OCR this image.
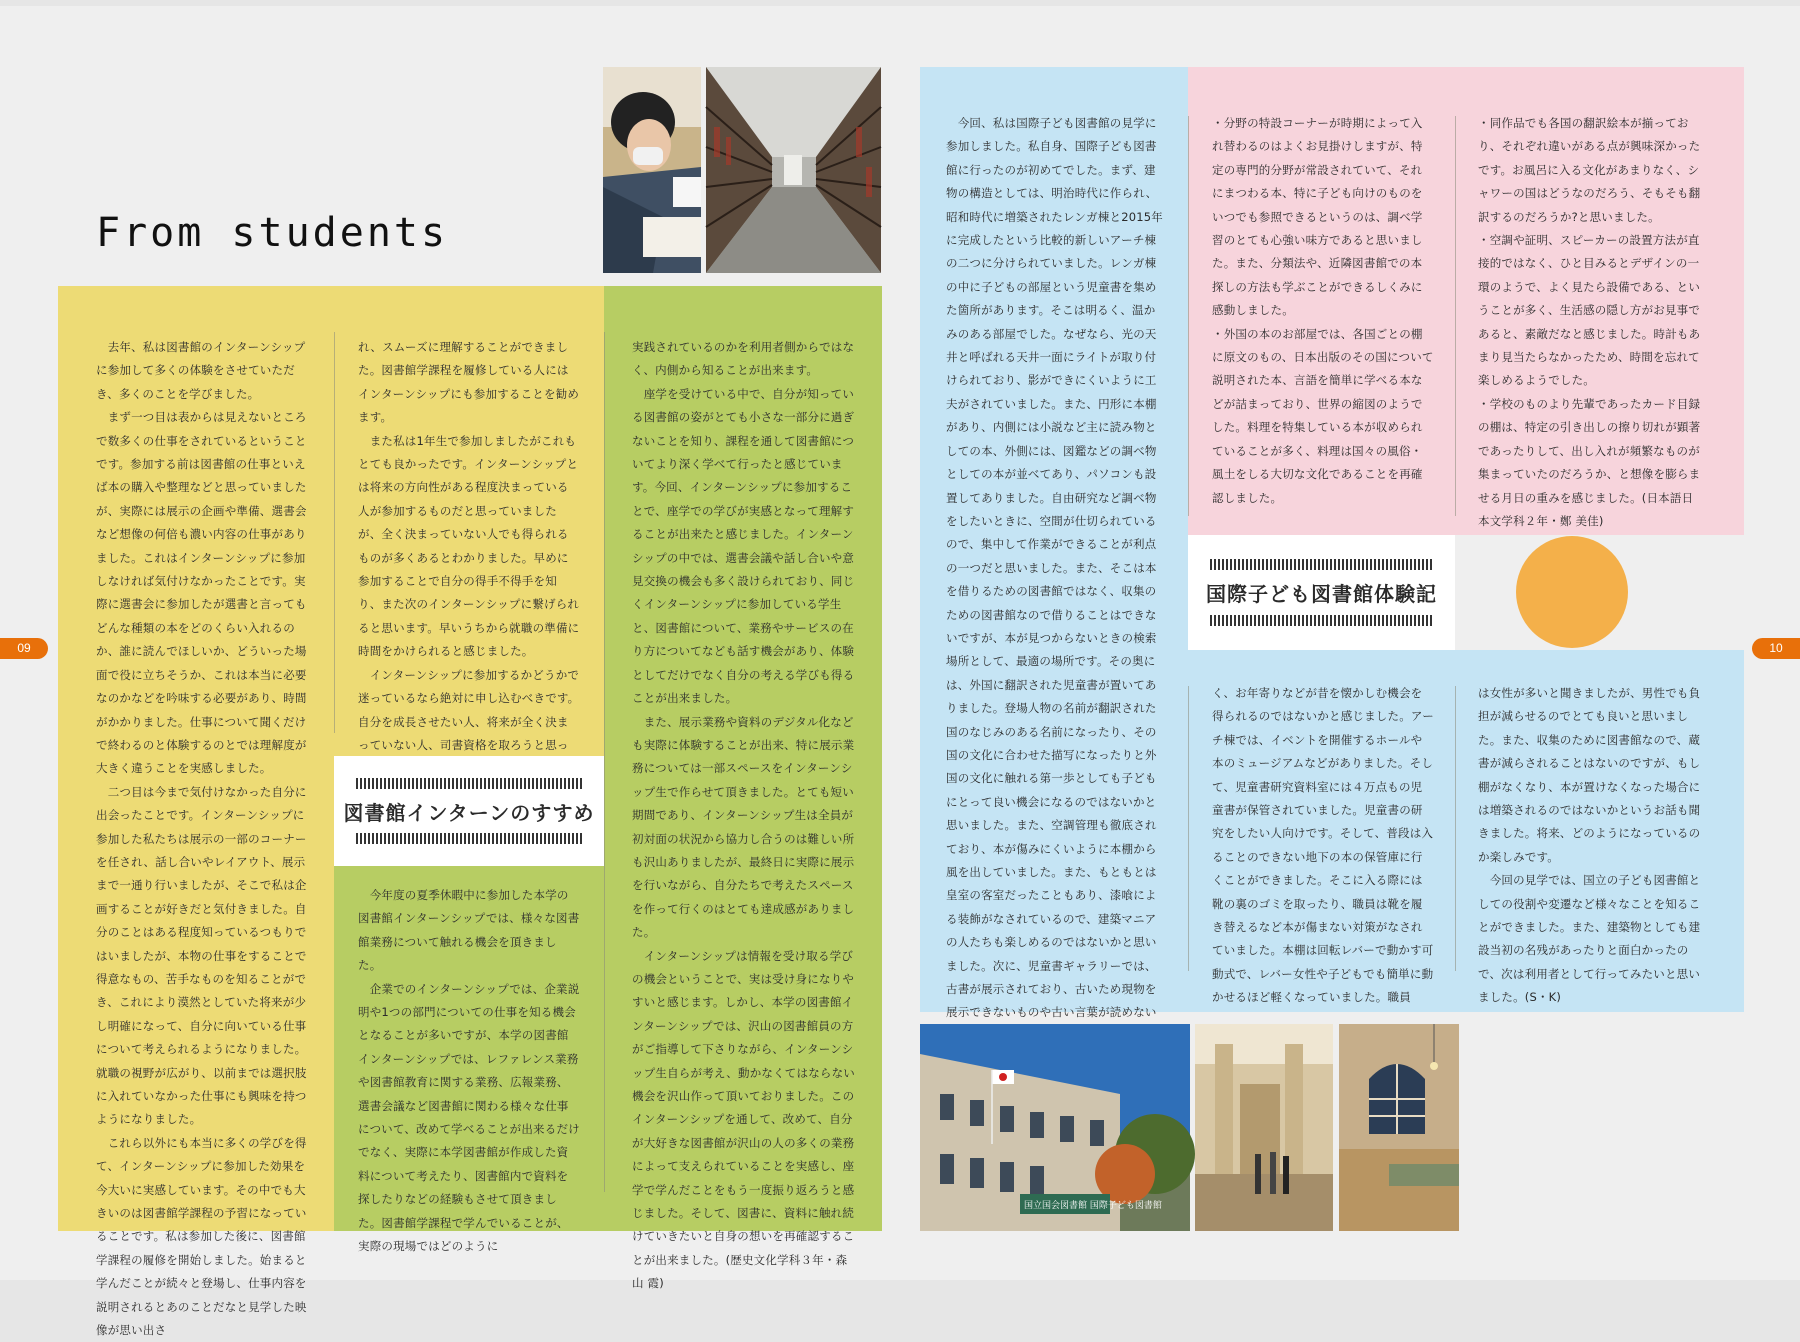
From students
　去年、私は図書館のインターンシップに参加して多くの体験をさせていただき、多くのことを学びました。
　まず一つ目は表からは見えないところで数多くの仕事をされているということです。参加する前は図書館の仕事といえば本の購入や整理などと思っていましたが、実際には展示の企画や準備、選書会など想像の何倍も濃い内容の仕事がありました。これはインターンシップに参加しなければ気付けなかったことです。実際に選書会に参加したが選書と言ってもどんな種類の本をどのくらい入れるのか、誰に読んでほしいか、どういった場面で役に立ちそうか、これは本当に必要なのかなどを吟味する必要があり、時間がかかりました。仕事について聞くだけで終わるのと体験するのとでは理解度が大きく違うことを実感しました。
　二つ目は今まで気付けなかった自分に出会ったことです。インターンシップに参加した私たちは展示の一部のコーナーを任され、話し合いやレイアウト、展示まで一通り行いましたが、そこで私は企画することが好きだと気付きました。自分のことはある程度知っているつもりではいましたが、本物の仕事をすることで得意なもの、苦手なものを知ることができ、これにより漠然としていた将来が少し明確になって、自分に向いている仕事について考えられるようになりました。就職の視野が広がり、以前までは選択肢に入れていなかった仕事にも興味を持つようになりました。
　これら以外にも本当に多くの学びを得て、インターンシップに参加した効果を今大いに実感しています。その中でも大きいのは図書館学課程の予習になっていることです。私は参加した後に、図書館学課程の履修を開始しました。始まると学んだことが続々と登場し、仕事内容を説明されるとあのことだなと見学した映像が思い出さ
れ、スムーズに理解することができました。図書館学課程を履修している人にはインターンシップにも参加することを勧めます。
　また私は1年生で参加しましたがこれもとても良かったです。インターンシップとは将来の方向性がある程度決まっている人が参加するものだと思っていましたが、全く決まっていない人でも得られるものが多くあるとわかりました。早めに参加することで自分の得手不得手を知り、また次のインターンシップに繋げられると思います。早いうちから就職の準備に時間をかけられると感じました。
　インターンシップに参加するかどうかで迷っているなら絶対に申し込むべきです。自分を成長させたい人、将来が全く決まっていない人、司書資格を取ろうと思っ
　今年度の夏季休暇中に参加した本学の図書館インターンシップでは、様々な図書館業務について触れる機会を頂きました。
　企業でのインターンシップでは、企業説明や1つの部門についての仕事を知る機会となることが多いですが、本学の図書館インターンシップでは、レファレンス業務や図書館教育に関する業務、広報業務、選書会議など図書館に関わる様々な仕事について、改めて学べることが出来るだけでなく、実際に本学図書館が作成した資料について考えたり、図書館内で資料を探したりなどの経験もさせて頂きました。図書館学課程で学んでいることが、実際の現場ではどのように
実践されているのかを利用者側からではなく、内側から知ることが出来ます。
　座学を受けている中で、自分が知っている図書館の姿がとても小さな一部分に過ぎないことを知り、課程を通して図書館についてより深く学べて行ったと感じています。今回、インターンシップに参加することで、座学での学びが実感となって理解することが出来たと感じました。インターンシップの中では、選書会議や話し合いや意見交換の機会も多く設けられており、同じくインターンシップに参加している学生と、図書館について、業務やサービスの在り方についてなども話す機会があり、体験としてだけでなく自分の考える学びも得ることが出来ました。
　また、展示業務や資料のデジタル化なども実際に体験することが出来、特に展示業務については一部スペースをインターンシップ生で作らせて頂きました。とても短い期間であり、インターンシップ生は全員が初対面の状況から協力し合うのは難しい所も沢山ありましたが、最終日に実際に展示を行いながら、自分たちで考えたスペースを作って行くのはとても達成感がありました。
　インターンシップは情報を受け取る学びの機会ということで、実は受け身になりやすいと感じます。しかし、本学の図書館インターンシップでは、沢山の図書館員の方がご指導して下さりながら、インターンシップ生自らが考え、動かなくてはならない機会を沢山作って頂いておりました。このインターンシップを通して、改めて、自分が大好きな図書館が沢山の人の多くの業務によって支えられていることを実感し、座学で学んだことをもう一度振り返ろうと感じました。そして、図書に、資料に触れ続けていきたいと自身の想いを再確認することが出来ました。(歴史文化学科３年・森山 霞)
図書館インターンのすすめ
09
　今回、私は国際子ども図書館の見学に参加しました。私自身、国際子ども図書館に行ったのが初めてでした。まず、建物の構造としては、明治時代に作られ、昭和時代に増築されたレンガ棟と2015年に完成したという比較的新しいアーチ棟の二つに分けられていました。レンガ棟の中に子どもの部屋という児童書を集めた箇所があります。そこは明るく、温かみのある部屋でした。なぜなら、光の天井と呼ばれる天井一面にライトが取り付けられており、影ができにくいように工夫がされていました。また、円形に本棚があり、内側には小説など主に読み物としての本、外側には、図鑑などの調べ物としての本が並べてあり、パソコンも設置してありました。自由研究など調べ物をしたいときに、空間が仕切られているので、集中して作業ができることが利点の一つだと思いました。また、そこは本を借りるための図書館ではなく、収集のための図書館なので借りることはできないですが、本が見つからないときの検索場所として、最適の場所です。その奥には、外国に翻訳された児童書が置いてありました。登場人物の名前が翻訳された国のなじみのある名前になったり、その国の文化に合わせた描写になったりと外国の文化に触れる第一歩としても子どもにとって良い機会になるのではないかと思いました。また、空調管理も徹底されており、本が傷みにくいように本棚から風を出していました。また、もともとは皇室の客室だったこともあり、漆喰による装飾がなされているので、建築マニアの人たちも楽しめるのではないかと思いました。次に、児童書ギャラリーでは、古書が展示されており、古いため現物を展示できないものや古い言葉が読めない
・分野の特設コーナーが時期によって入れ替わるのはよくお見掛けしますが、特定の専門的分野が常設されていて、それにまつわる本、特に子ども向けのものをいつでも参照できるというのは、調べ学習のとても心強い味方であると思いました。また、分類法や、近隣図書館での本探しの方法も学ぶことができるしくみに感動しました。
・外国の本のお部屋では、各国ごとの棚に原文のもの、日本出版のその国について説明された本、言語を簡単に学べる本などが詰まっており、世界の縮図のようでした。料理を特集している本が収められていることが多く、料理は国々の風俗・風土をしる大切な文化であることを再確認しました。
・同作品でも各国の翻訳絵本が揃っており、それぞれ違いがある点が興味深かったです。お風呂に入る文化があまりなく、シャワーの国はどうなのだろう、そもそも翻訳するのだろうか?と思いました。
・空調や証明、スピーカーの設置方法が直接的ではなく、ひと目みるとデザインの一環のようで、よく見たら設備である、ということが多く、生活感の隠し方がお見事であると、素敵だなと感じました。時計もあまり見当たらなかったため、時間を忘れて楽しめるようでした。
・学校のものより先輩であったカード目録の棚は、特定の引き出しの擦り切れが顕著であったりして、出し入れが頻繁なものが集まっていたのだろうか、と想像を膨らませる月日の重みを感じました。(日本語日本文学科２年・鄭 美佳)
く、お年寄りなどが昔を懐かしむ機会を得られるのではないかと感じました。アーチ棟では、イベントを開催するホールや本のミュージアムなどがありました。そして、児童書研究資料室には４万点もの児童書が保管されていました。児童書の研究をしたい人向けです。そして、普段は入ることのできない地下の本の保管庫に行くことができました。そこに入る際には靴の裏のゴミを取ったり、職員は靴を履き替えるなど本が傷まない対策がなされていました。本棚は回転レバーで動かす可動式で、レバー女性や子どもでも簡単に動かせるほど軽くなっていました。職員
は女性が多いと聞きましたが、男性でも負担が減らせるのでとても良いと思いました。また、収集のために図書館なので、蔵書が減らされることはないのですが、もし棚がなくなり、本が置けなくなった場合には増築されるのではないかというお話も聞きました。将来、どのようになっているのか楽しみです。
　今回の見学では、国立の子ども図書館としての役割や変遷など様々なことを知ることができました。また、建築物としても建設当初の名残があったりと面白かったので、次は利用者として行ってみたいと思いました。(S・K)
国際子ども図書館体験記
国立国会図書館 国際子ども図書館
10
